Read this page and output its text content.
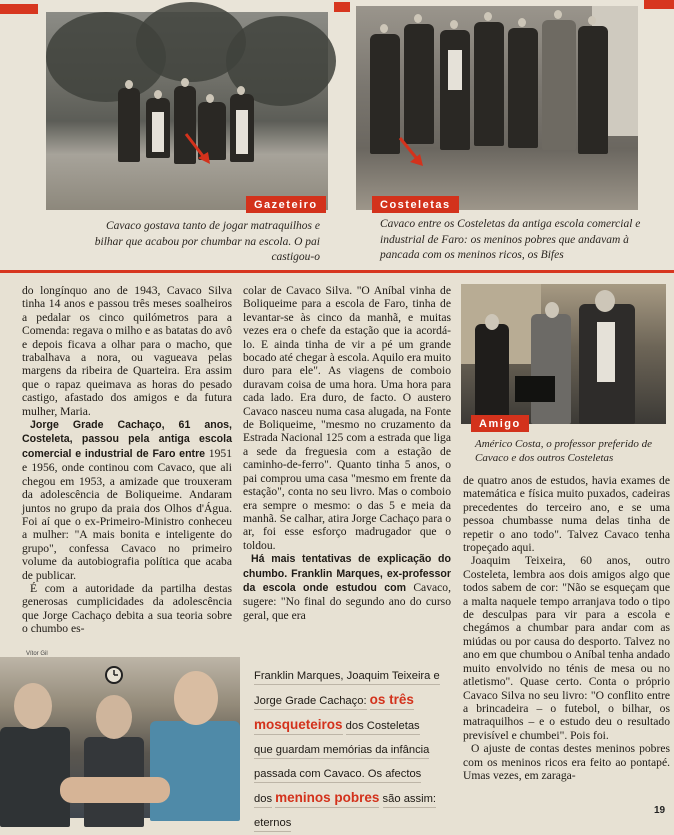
Gazeteiro	Costeletas
Cavaco gostava tanto de jogar matraquilhos e bilhar que acabou por chumbar na escola. O pai castigou-o
Cavaco entre os Costeletas da antiga escola comercial e industrial de Faro: os meninos pobres que andavam à pancada com os meninos ricos, os Bifes

do longínquo ano de 1943, Cavaco Silva tinha 14 anos e passou três meses soalheiros a pedalar os cinco quilómetros para a Comenda: regava o milho e as batatas do avô e depois ficava a olhar para o macho, que trabalhava a nora, ou vagueava pelas margens da ribeira de Quarteira. Era assim que o rapaz queimava as horas do pesado castigo, afastado dos amigos e da futura mulher, Maria.

Jorge Grade Cachaço, 61 anos, Costeleta, passou pela antiga escola comercial e industrial de Faro entre 1951 e 1956, onde continou com Cavaco, que ali chegou em 1953, a amizade que trouxeram da adolescência de Boliqueime. Andaram juntos no grupo da praia dos Olhos d'Água. Foi aí que o ex-Primeiro-Ministro conheceu a mulher: "A mais bonita e inteligente do grupo", confessa Cavaco no primeiro volume da autobiografia política que acaba de publicar.

É com a autoridade da partilha destas generosas cumplicidades da adolescência que Jorge Cachaço debita a sua teoria sobre o chumbo es-

colar de Cavaco Silva. "O Aníbal vinha de Boliqueime para a escola de Faro, tinha de levantar-se às cinco da manhã, e muitas vezes era o chefe da estação que ia acordá-lo. E ainda tinha de vir a pé um grande bocado até chegar à escola. Aquilo era muito duro para ele". As viagens de comboio duravam coisa de uma hora. Uma hora para cada lado. Era duro, de facto. O austero Cavaco nasceu numa casa alugada, na Fonte de Boliqueime, "mesmo no cruzamento da Estrada Nacional 125 com a estrada que liga a sede da freguesia com a estação de caminho-de-ferro". Quanto tinha 5 anos, o pai comprou uma casa "mesmo em frente da estação", conta no seu livro. Mas o comboio era sempre o mesmo: o das 5 e meia da manhã. Se calhar, atira Jorge Cachaço para o ar, foi esse esforço madrugador que o toldou.

Há mais tentativas de explicação do chumbo. Franklin Marques, ex-professor da escola onde estudou com Cavaco, sugere: "No final do segundo ano do curso geral, que era

Amigo
Américo Costa, o professor preferido de Cavaco e dos outros Costeletas

de quatro anos de estudos, havia exames de matemática e física muito puxados, cadeiras precedentes do terceiro ano, e se uma pessoa chumbasse numa delas tinha de repetir o ano todo". Talvez Cavaco tenha tropeçado aqui.

Joaquim Teixeira, 60 anos, outro Costeleta, lembra aos dois amigos algo que todos sabem de cor: "Não se esqueçam que a malta naquele tempo arranjava todo o tipo de desculpas para vir para a escola e chegámos a chumbar para andar com as miúdas ou por causa do desporto. Talvez no ano em que chumbou o Aníbal tenha andado muito envolvido no ténis de mesa ou no atletismo". Quase certo. Conta o próprio Cavaco Silva no seu livro: "O conflito entre a brincadeira – o futebol, o bilhar, os matraquilhos – e o estudo deu o resultado previsível e chumbei". Pois foi.

O ajuste de contas destes meninos pobres com os meninos ricos era feito ao pontapé. Umas vezes, em zaraga-

Vítor Gil
Franklin Marques, Joaquim Teixeira e Jorge Grade Cachaço: os três mosqueteiros dos Costeletas que guardam memórias da infância passada com Cavaco. Os afectos dos meninos pobres são assim: eternos
19
